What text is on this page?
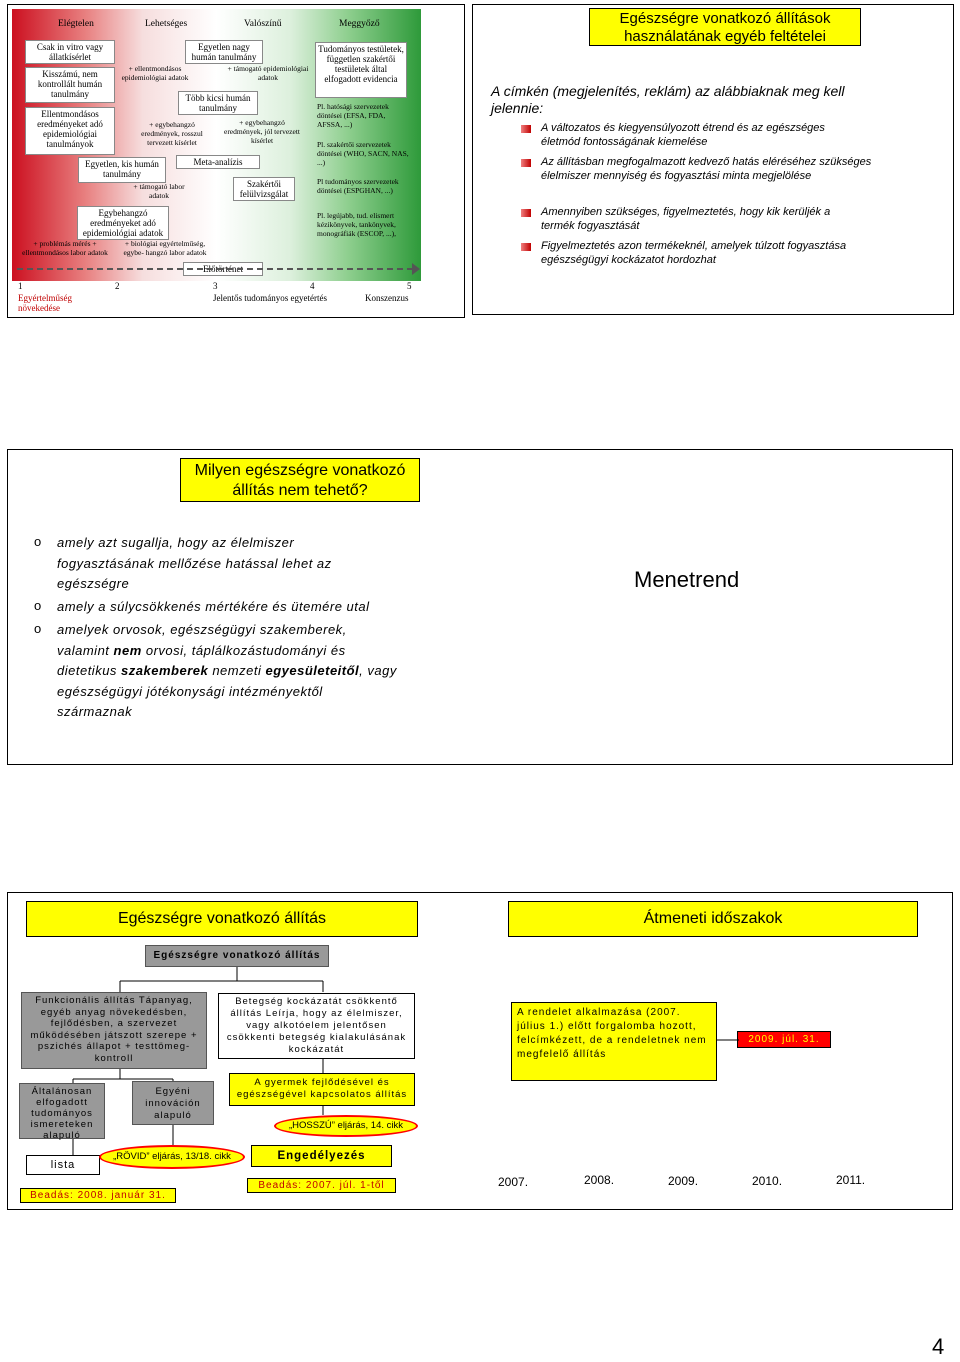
Elégtelen	Lehetséges	Valószínű	Meggyőző
Csak in vitro vagy állatkísérlet
Kisszámú, nem kontrollált humán tanulmány
Ellentmondásos eredményeket adó epidemiológiai tanulmányok
Egyetlen nagy humán tanulmány
+ ellentmondásos epidemiológiai adatok
+ támogató epidemiológiai adatok
Több kicsi humán tanulmány
+ egybehangzó eredmények, rosszul tervezett kísérlet
+ egybehangzó eredmények, jól tervezett kísérlet
Egyetlen, kis humán tanulmány
Meta-analízis
+ támogató labor adatok
Szakértői felülvizsgálat
Egybehangzó eredményeket adó epidemiológiai adatok
+ problémás mérés + ellentmondásos labor adatok
+ biológiai egyértelműség, egybe- hangzó labor adatok
Előtörténet
Tudományos testületek, független szakértői testületek által elfogadott evidencia
Pl. hatósági szervezetek döntései (EFSA, FDA, AFSSA, ...)
Pl. szakértői szervezetek döntései (WHO, SACN, NAS, ...)
Pl tudományos szervezetek döntései (ESPGHAN, ...)
Pl. legújabb, tud. elismert kézikönyvek, tankönyvek, monográfiák (ESCOP, ...),
1	2	3	4	5
Egyértelműség növekedése
Jelentős tudományos egyetértés	Konszenzus
Egészségre vonatkozó állítások használatának egyéb feltételei
A címkén (megjelenítés, reklám) az alábbiaknak meg kell jelennie:
A változatos és kiegyensúlyozott étrend és az egészséges életmód fontosságának kiemelése
Az állításban megfogalmazott kedvező hatás eléréséhez szükséges élelmiszer mennyiség és fogyasztási minta megjelölése
Amennyiben szükséges, figyelmeztetés, hogy kik kerüljék a termék fogyasztását
Figyelmeztetés azon termékeknél, amelyek túlzott fogyasztása egészségügyi kockázatot hordozhat
Milyen egészségre vonatkozó állítás nem tehető?
o amely azt sugallja, hogy az élelmiszer fogyasztásának mellőzése hatással lehet az egészségre
o amely a súlycsökkenés mértékére és ütemére utal
o amelyek orvosok, egészségügyi szakemberek, valamint nem orvosi, táplálkozástudományi és dietetikus szakemberek nemzeti egyesületeitől, vagy egészségügyi jótékonysági intézményektől származnak
Menetrend
Egészségre vonatkozó állítás	Átmeneti időszakok
Egészségre vonatkozó állítás
Funkcionális állítás Tápanyag, egyéb anyag növekedésben, fejlődésben, a szervezet működésében játszott szerepe + pszichés állapot + testtömeg-kontroll
Betegség kockázatát csökkentő állítás Leírja, hogy az élelmiszer, vagy alkotóelem jelentősen csökkenti betegség kialakulásának kockázatát
Általánosan elfogadott tudományos ismereteken alapuló
Egyéni innováción alapuló
A gyermek fejlődésével és egészségével kapcsolatos állítás
„HOSSZÚ” eljárás, 14. cikk
lista
„RÖVID” eljárás, 13/18. cikk	Engedélyezés
Beadás: 2008. január 31.
Beadás: 2007. júl. 1-től
A rendelet alkalmazása (2007. július 1.) előtt forgalomba hozott, felcímkézett, de a rendeletnek nem megfelelő állítás
2009. júl. 31.
2007.	2008.	2009.	2010.	2011.
4
